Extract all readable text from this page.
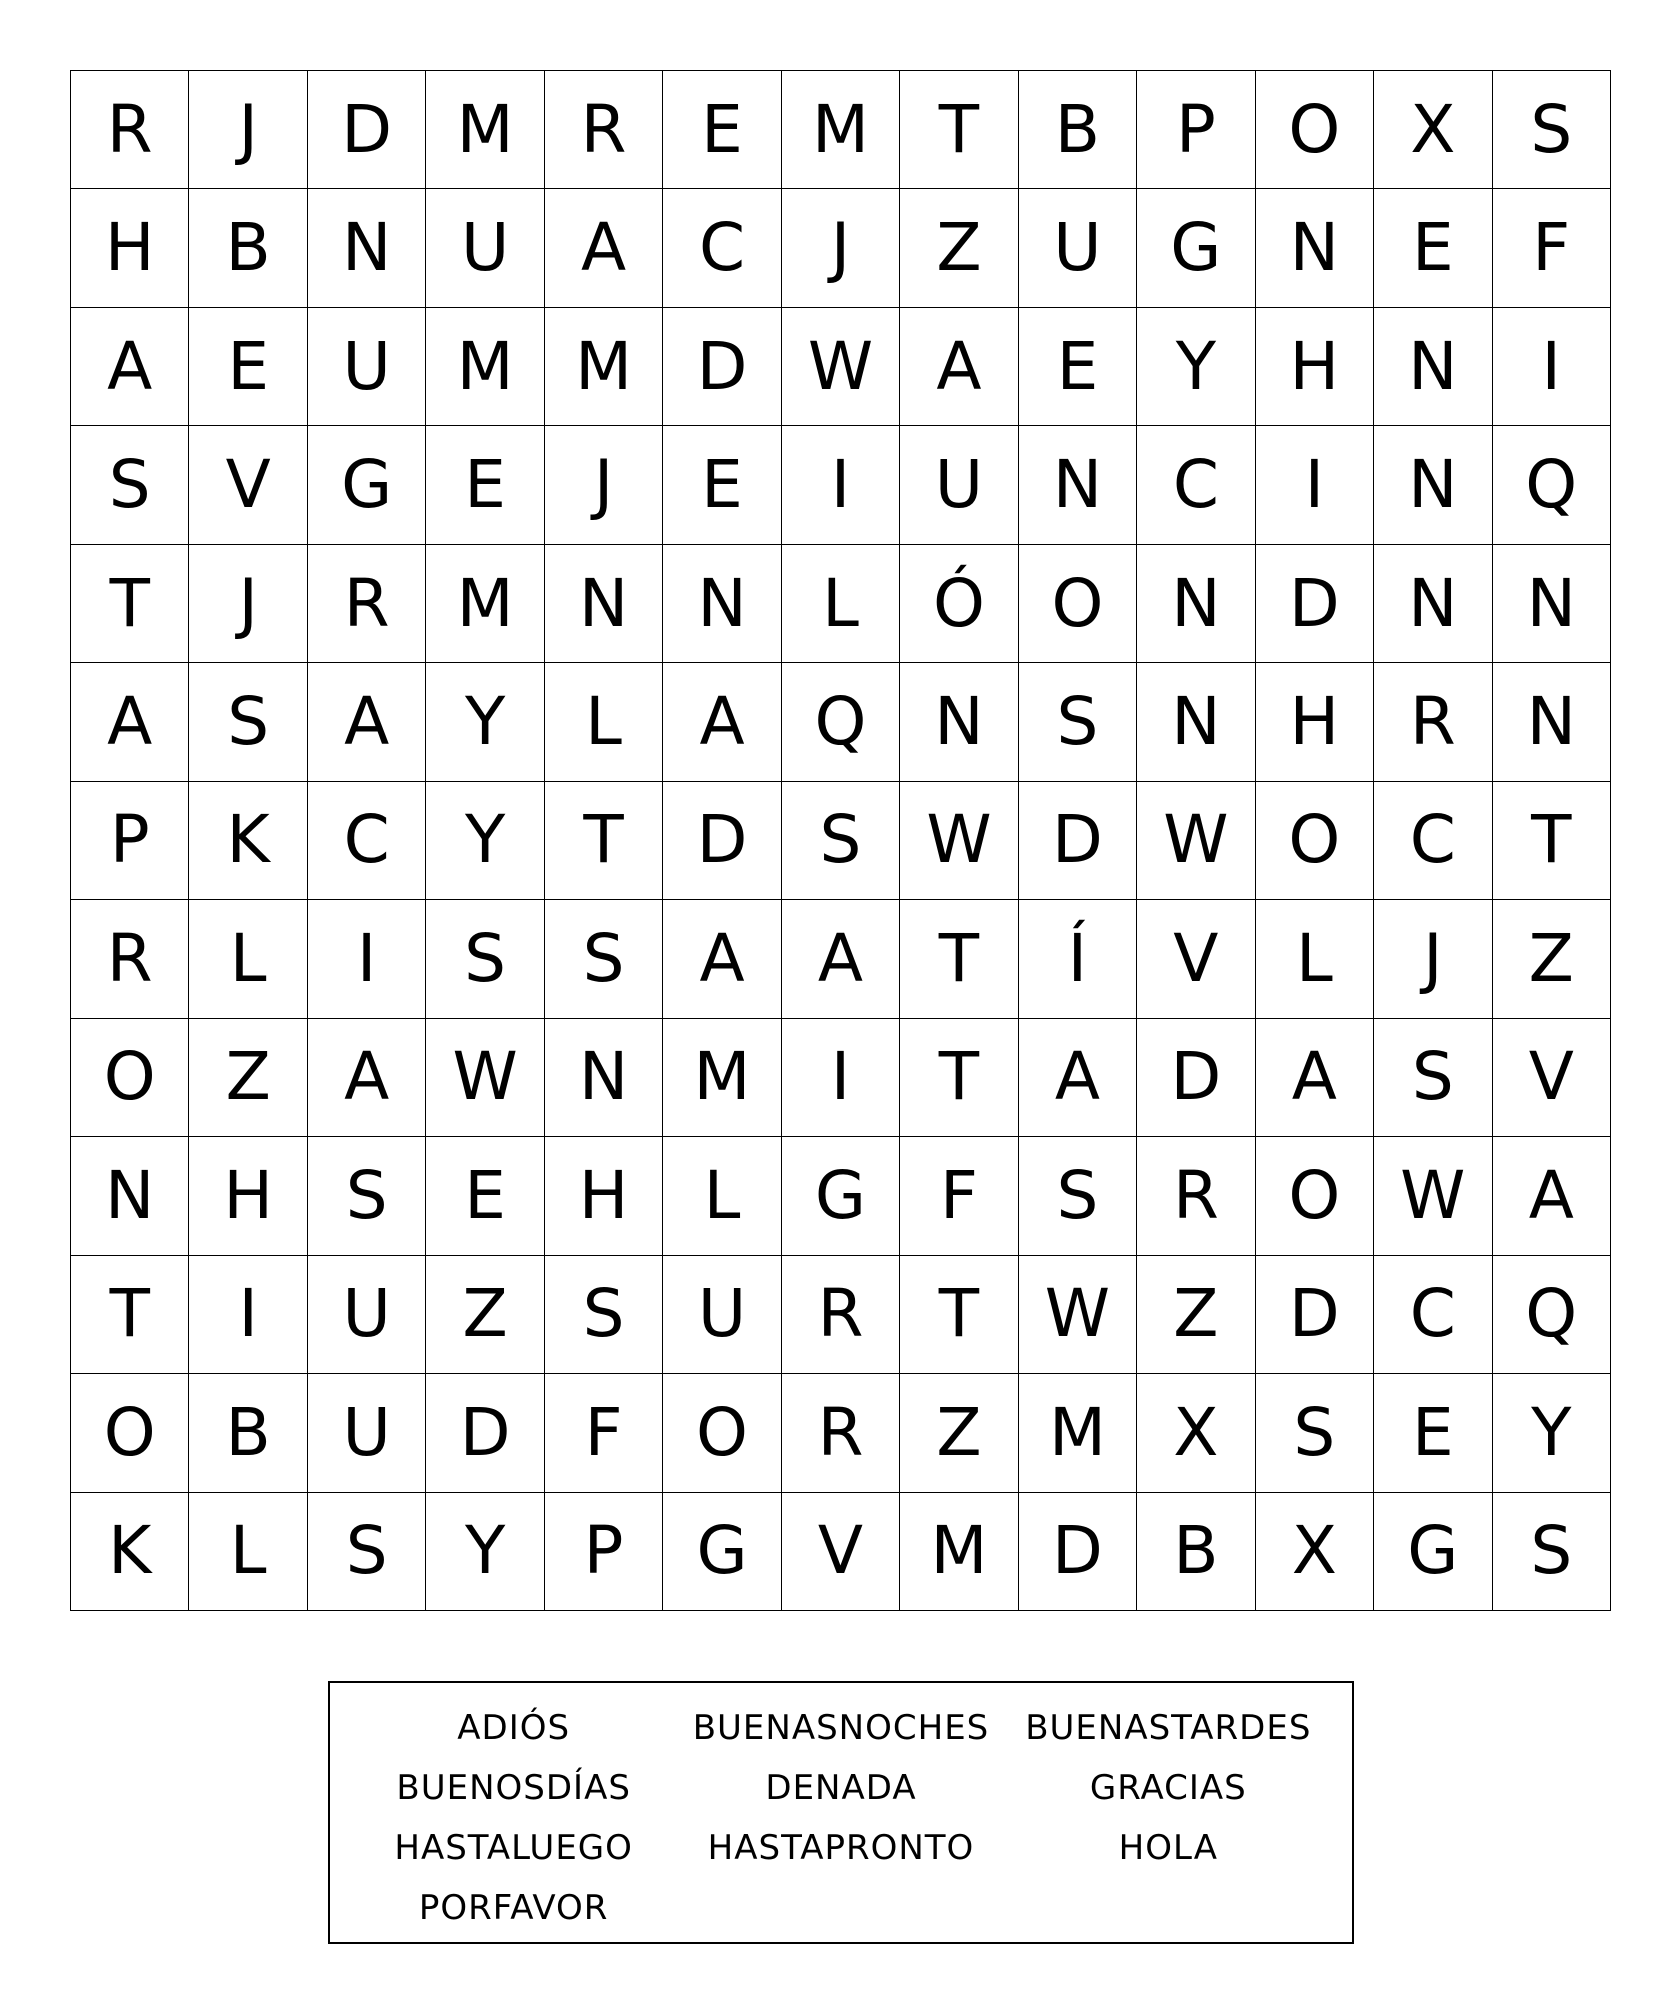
R	J	D M	R	E	M	T	B	P	O	X	S
H	B	N	U	A	C	J	Z	U	G	N	E	F
A	E	U M M D W A	E	Y	H	N	I
S	V	G	E	J	E	I	U	N	C	I	N	Q
T	J	R	M N	N	L	Ó	O	N	D	N	N
A	S	A	Y	L	A	Q	N	S	N	H	R	N
P	K	C	Y	T	D	S W D W O	C	T
R	L	I	S	S	A	A	T	Í	V	L	J	Z
O	Z	A W N M	I	T	A	D	A	S	V
N	H	S	E	H	L	G	F	S	R	O W A
T	I	U	Z	S	U	R	T W Z	D	C	Q
O	B	U	D	F	O	R	Z	M	X	S	E	Y
K	L	S	Y	P	G	V	M D	B	X	G	S
ADIÓS	BUENASNOCHES	BUENASTARDES
BUENOSDÍAS	DENADA	GRACIAS
HASTALUEGO	HASTAPRONTO	HOLA
PORFAVOR
